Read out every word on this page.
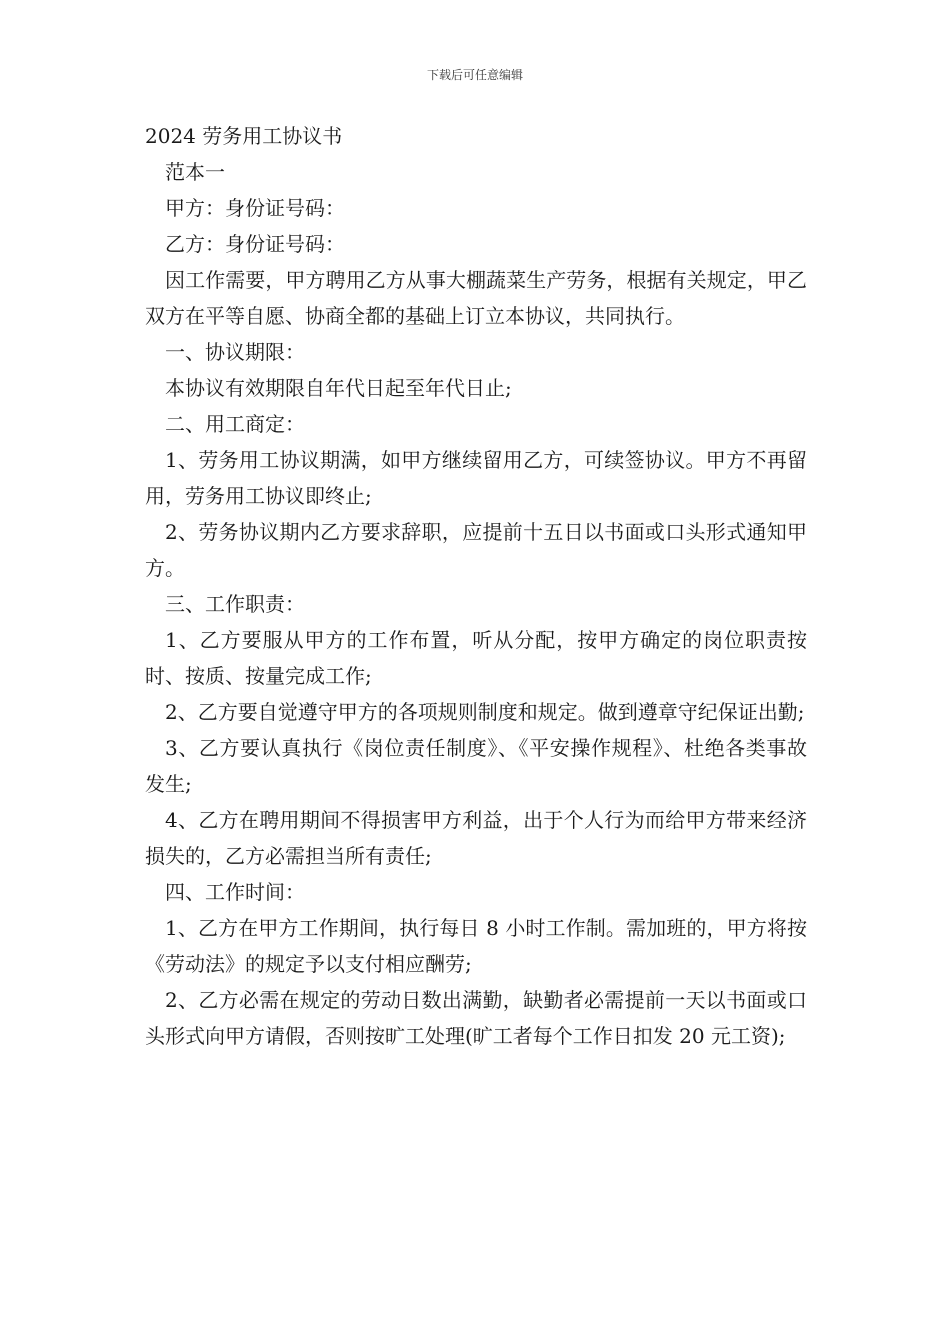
下载后可任意编辑
2024 劳务用工协议书

范本一

甲方：身份证号码：

乙方：身份证号码：

因工作需要，甲方聘用乙方从事大棚蔬菜生产劳务，根据有关规定，甲乙双方在平等自愿、协商全都的基础上订立本协议，共同执行。

一、协议期限：

本协议有效期限自年代日起至年代日止;

二、用工商定：

1、劳务用工协议期满，如甲方继续留用乙方，可续签协议。甲方不再留用，劳务用工协议即终止;

2、劳务协议期内乙方要求辞职，应提前十五日以书面或口头形式通知甲方。

三、工作职责：

1、乙方要服从甲方的工作布置，听从分配，按甲方确定的岗位职责按时、按质、按量完成工作;

2、乙方要自觉遵守甲方的各项规则制度和规定。做到遵章守纪保证出勤;

3、乙方要认真执行《岗位责任制度》、《平安操作规程》、杜绝各类事故发生;

4、乙方在聘用期间不得损害甲方利益，出于个人行为而给甲方带来经济损失的，乙方必需担当所有责任;

四、工作时间：

1、乙方在甲方工作期间，执行每日 8 小时工作制。需加班的，甲方将按《劳动法》的规定予以支付相应酬劳;

2、乙方必需在规定的劳动日数出满勤，缺勤者必需提前一天以书面或口头形式向甲方请假，否则按旷工处理(旷工者每个工作日扣发 20 元工资);
